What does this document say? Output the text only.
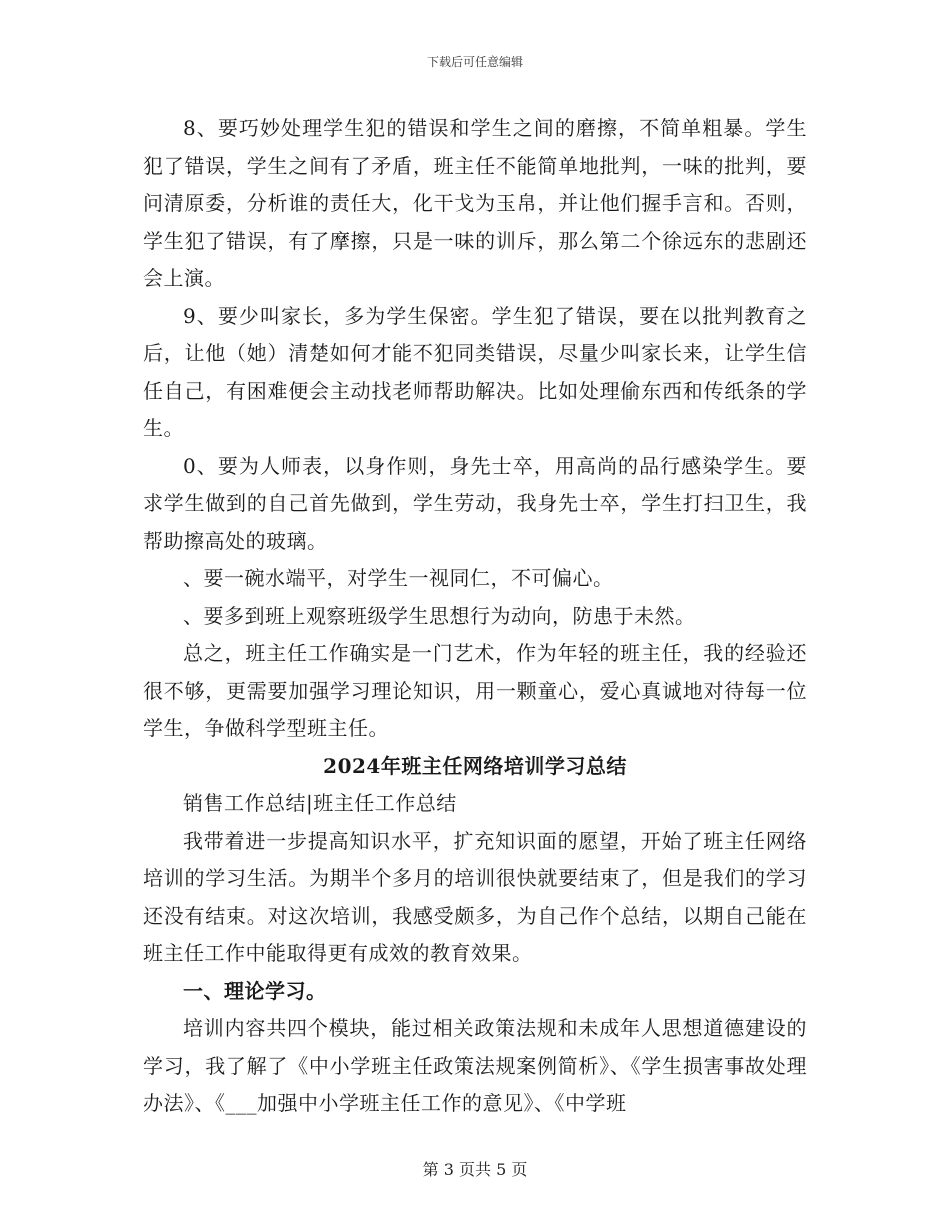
下载后可任意编辑

8、要巧妙处理学生犯的错误和学生之间的磨擦，不简单粗暴。学生犯了错误，学生之间有了矛盾，班主任不能简单地批判，一味的批判，要问清原委，分析谁的责任大，化干戈为玉帛，并让他们握手言和。否则，学生犯了错误，有了摩擦，只是一味的训斥，那么第二个徐远东的悲剧还会上演。

9、要少叫家长，多为学生保密。学生犯了错误，要在以批判教育之后，让他（她）清楚如何才能不犯同类错误，尽量少叫家长来，让学生信任自己，有困难便会主动找老师帮助解决。比如处理偷东西和传纸条的学生。

0、要为人师表，以身作则，身先士卒，用高尚的品行感染学生。要求学生做到的自己首先做到，学生劳动，我身先士卒，学生打扫卫生，我帮助擦高处的玻璃。

、要一碗水端平，对学生一视同仁，不可偏心。

、要多到班上观察班级学生思想行为动向，防患于未然。

总之，班主任工作确实是一门艺术，作为年轻的班主任，我的经验还很不够，更需要加强学习理论知识，用一颗童心，爱心真诚地对待每一位学生，争做科学型班主任。

2024年班主任网络培训学习总结

销售工作总结|班主任工作总结

我带着进一步提高知识水平，扩充知识面的愿望，开始了班主任网络培训的学习生活。为期半个多月的培训很快就要结束了，但是我们的学习还没有结束。对这次培训，我感受颇多，为自己作个总结，以期自己能在班主任工作中能取得更有成效的教育效果。

一、理论学习。

培训内容共四个模块，能过相关政策法规和未成年人思想道德建设的学习，我了解了《中小学班主任政策法规案例简析》、《学生损害事故处理办法》、《___加强中小学班主任工作的意见》、《中学班

第 3 页共 5 页
